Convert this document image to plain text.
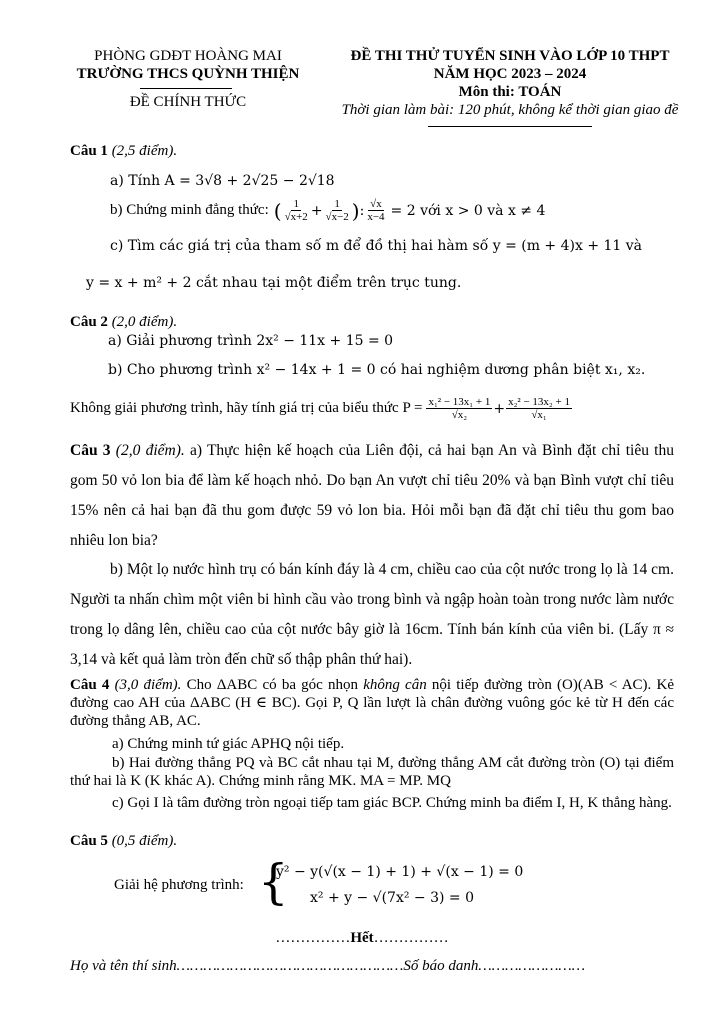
PHÒNG GDĐT HOÀNG MAI
TRƯỜNG THCS QUỲNH THIỆN
ĐỀ CHÍNH THỨC
ĐỀ THI THỬ TUYỂN SINH VÀO LỚP 10 THPT
NĂM HỌC 2023 – 2024
Môn thi: TOÁN
Thời gian làm bài: 120 phút, không kể thời gian giao đề
Câu 1 (2,5 điểm).
a) Tính A = 3√8 + 2√25 − 2√18
b) Chứng minh đẳng thức: ( $\frac{1}{√x+2} + \frac{1}{√x-2}$ ) : $\frac{√x}{x-4} = 2$ với x > 0 và x ≠ 4
c) Tìm các giá trị của tham số m để đồ thị hai hàm số y = (m + 4)x + 11 và
y = x + m² + 2 cắt nhau tại một điểm trên trục tung.
Câu 2 (2,0 điểm).
a) Giải phương trình 2x² − 11x + 15 = 0
b) Cho phương trình x² − 14x + 1 = 0 có hai nghiệm dương phân biệt x₁, x₂.
Không giải phương trình, hãy tính giá trị của biểu thức $P = \frac{\text{x₁² − 13x₁ + 1}}{\text{√x₂}} + \frac{\text{x₂² − 13x₂ + 1}}{\text{√x₁}}$
Câu 3 (2,0 điểm). a) Thực hiện kế hoạch của Liên đội, cả hai bạn An và Bình đặt chỉ tiêu thu gom 50 vỏ lon bia để làm kế hoạch nhỏ. Do bạn An vượt chỉ tiêu 20% và bạn Bình vượt chỉ tiêu 15% nên cả hai bạn đã thu gom được 59 vỏ lon bia. Hỏi mỗi bạn đã đặt chỉ tiêu thu gom bao nhiêu lon bia?
b) Một lọ nước hình trụ có bán kính đáy là 4 cm, chiều cao của cột nước trong lọ là 14 cm. Người ta nhấn chìm một viên bi hình cầu vào trong bình và ngập hoàn toàn trong nước làm nước trong lọ dâng lên, chiều cao của cột nước bây giờ là 16cm. Tính bán kính của viên bi. (Lấy π ≈ 3,14 và kết quả làm tròn đến chữ số thập phân thứ hai).
Câu 4 (3,0 điểm). Cho ΔABC có ba góc nhọn không cân nội tiếp đường tròn (O)(AB < AC). Kẻ đường cao AH của ΔABC (H ∈ BC). Gọi P, Q lần lượt là chân đường vuông góc kẻ từ H đến các đường thẳng AB, AC.
a) Chứng minh tứ giác APHQ nội tiếp.
b) Hai đường thẳng PQ và BC cắt nhau tại M, đường thẳng AM cắt đường tròn (O) tại điểm thứ hai là K (K khác A). Chứng minh rằng MK. MA = MP. MQ
c) Gọi I là tâm đường tròn ngoại tiếp tam giác BCP. Chứng minh ba điểm I, H, K thẳng hàng.
Câu 5 (0,5 điểm).
Giải hệ phương trình: {
y² − y(√(x − 1) + 1) + √(x − 1) = 0
x² + y − √(7x² − 3) = 0
……………Hết……………
Họ và tên thí sinh……………………………………………Số báo danh……………………
